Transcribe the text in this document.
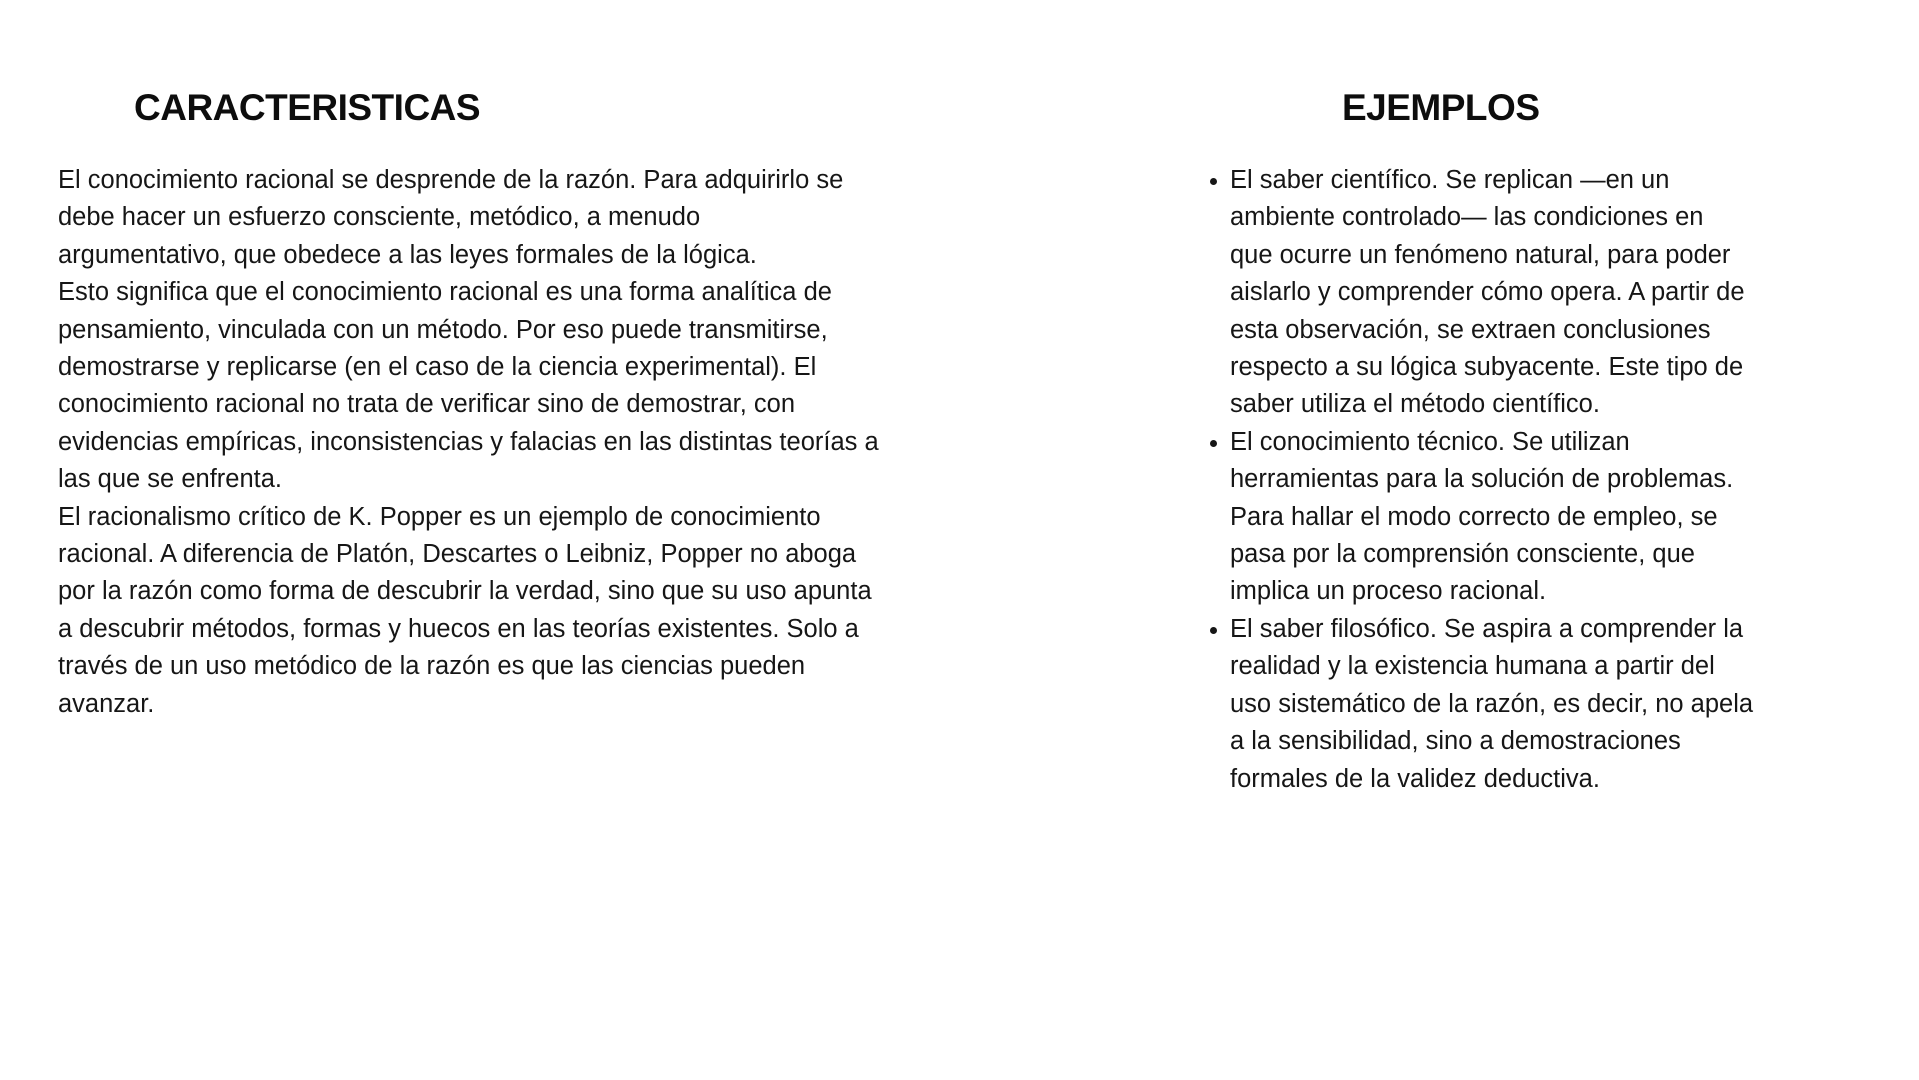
CARACTERISTICAS

El conocimiento racional se desprende de la razón. Para adquirirlo se
debe hacer un esfuerzo consciente, metódico, a menudo
argumentativo, que obedece a las leyes formales de la lógica.

Esto significa que el conocimiento racional es una forma analítica de
pensamiento, vinculada con un método. Por eso puede transmitirse,
demostrarse y replicarse (en el caso de la ciencia experimental). El
conocimiento racional no trata de verificar sino de demostrar, con
evidencias empíricas, inconsistencias y falacias en las distintas teorías a
las que se enfrenta.

El racionalismo crítico de K. Popper es un ejemplo de conocimiento
racional. A diferencia de Platón, Descartes o Leibniz, Popper no aboga
por la razón como forma de descubrir la verdad, sino que su uso apunta
a descubrir métodos, formas y huecos en las teorías existentes. Solo a
través de un uso metódico de la razón es que las ciencias pueden
avanzar.

EJEMPLOS
El saber científico. Se replican —en un
ambiente controlado— las condiciones en
que ocurre un fenómeno natural, para poder
aislarlo y comprender cómo opera. A partir de
esta observación, se extraen conclusiones
respecto a su lógica subyacente. Este tipo de
saber utiliza el método científico.
El conocimiento técnico. Se utilizan
herramientas para la solución de problemas.
Para hallar el modo correcto de empleo, se
pasa por la comprensión consciente, que
implica un proceso racional.
El saber filosófico. Se aspira a comprender la
realidad y la existencia humana a partir del
uso sistemático de la razón, es decir, no apela
a la sensibilidad, sino a demostraciones
formales de la validez deductiva.
